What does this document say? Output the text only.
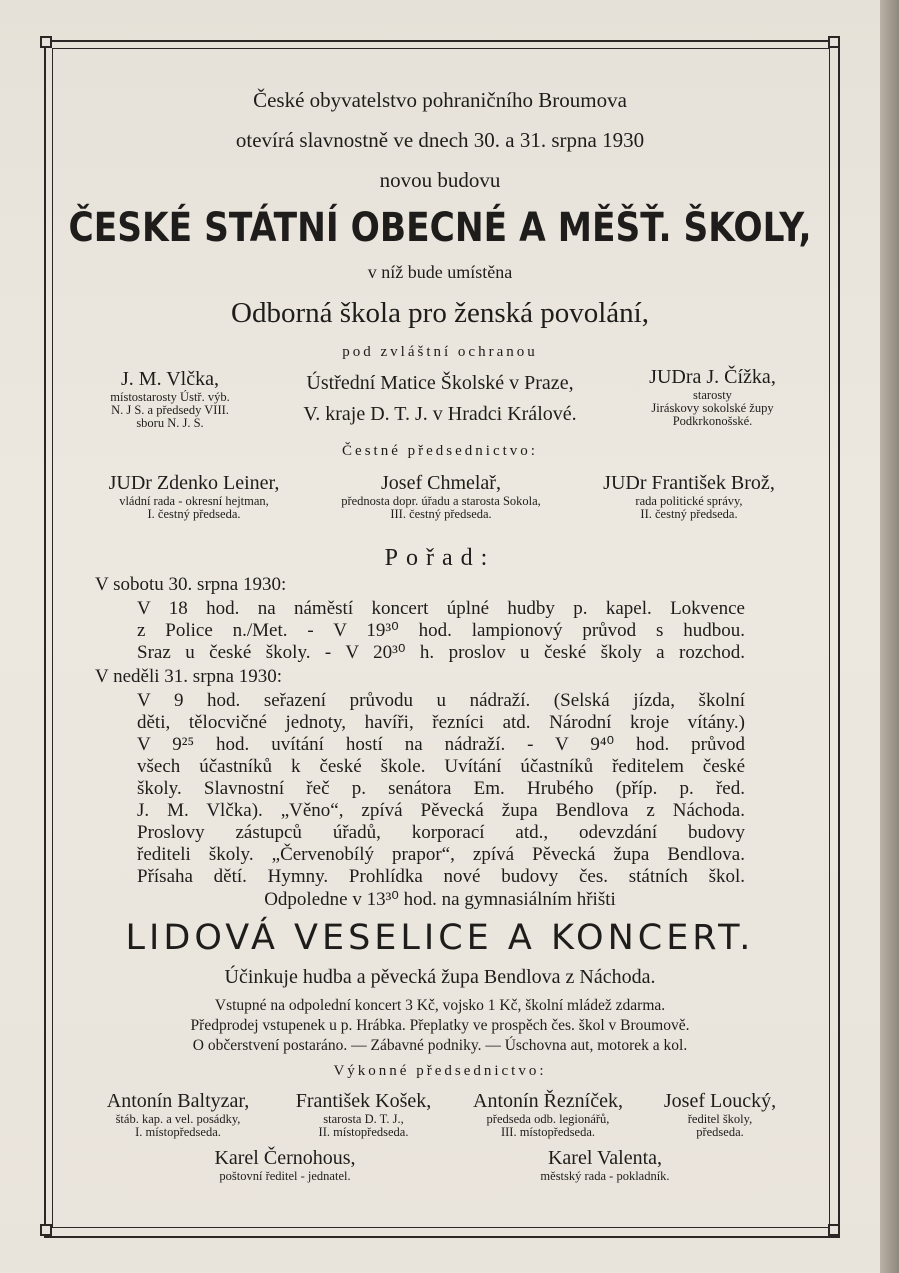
České obyvatelstvo pohraničního Broumova
otevírá slavnostně ve dnech 30. a 31. srpna 1930
novou budovu
ČESKÉ STÁTNÍ OBECNÉ A MĚŠŤ. ŠKOLY,
v níž bude umístěna
Odborná škola pro ženská povolání,
pod zvláštní ochranou
J. M. Vlčka,
místostarosty Ústř. výb.
N. J S. a předsedy VIII.
sboru N. J. S.
Ústřední Matice Školské v Praze,
V. kraje D. T. J. v Hradci Králové.
JUDra J. Čížka,
starosty
Jiráskovy sokolské župy
Podkrkonošské.
Čestné předsednictvo:
JUDr Zdenko Leiner,
vládní rada - okresní hejtman,
I. čestný předseda.
Josef Chmelař,
přednosta dopr. úřadu a starosta Sokola,
III. čestný předseda.
JUDr František Brož,
rada politické správy,
II. čestný předseda.
Pořad:
V sobotu 30. srpna 1930:
V 18 hod. na náměstí koncert úplné hudby p. kapel. Lokvence
z Police n./Met. - V 19³⁰ hod. lampionový průvod s hudbou.
Sraz u české školy. - V 20³⁰ h. proslov u české školy a rozchod.
V neděli 31. srpna 1930:
V 9 hod. seřazení průvodu u nádraží. (Selská jízda, školní
děti, tělocvičné jednoty, havíři, řezníci atd. Národní kroje vítány.)
V 9²⁵ hod. uvítání hostí na nádraží. - V 9⁴⁰ hod. průvod
všech účastníků k české škole. Uvítání účastníků ředitelem české
školy. Slavnostní řeč p. senátora Em. Hrubého (příp. p. řed.
J. M. Vlčka). „Věno“, zpívá Pěvecká župa Bendlova z Náchoda.
Proslovy zástupců úřadů, korporací atd., odevzdání budovy
řediteli školy. „Červenobílý prapor“, zpívá Pěvecká župa Bendlova.
Přísaha dětí. Hymny. Prohlídka nové budovy čes. státních škol.
Odpoledne v 13³⁰ hod. na gymnasiálním hřišti
LIDOVÁ VESELICE A KONCERT.
Účinkuje hudba a pěvecká župa Bendlova z Náchoda.
Vstupné na odpolední koncert 3 Kč, vojsko 1 Kč, školní mládež zdarma.
Předprodej vstupenek u p. Hrábka. Přeplatky ve prospěch čes. škol v Broumově.
O občerstvení postaráno. — Zábavné podniky. — Úschovna aut, motorek a kol.
Výkonné předsednictvo:
Antonín Baltyzar,
štáb. kap. a vel. posádky,
I. místopředseda.
František Košek,
starosta D. T. J.,
II. místopředseda.
Antonín Řezníček,
předseda odb. legionářů,
III. místopředseda.
Josef Loucký,
ředitel školy,
předseda.
Karel Černohous,
poštovní ředitel - jednatel.
Karel Valenta,
městský rada - pokladník.
